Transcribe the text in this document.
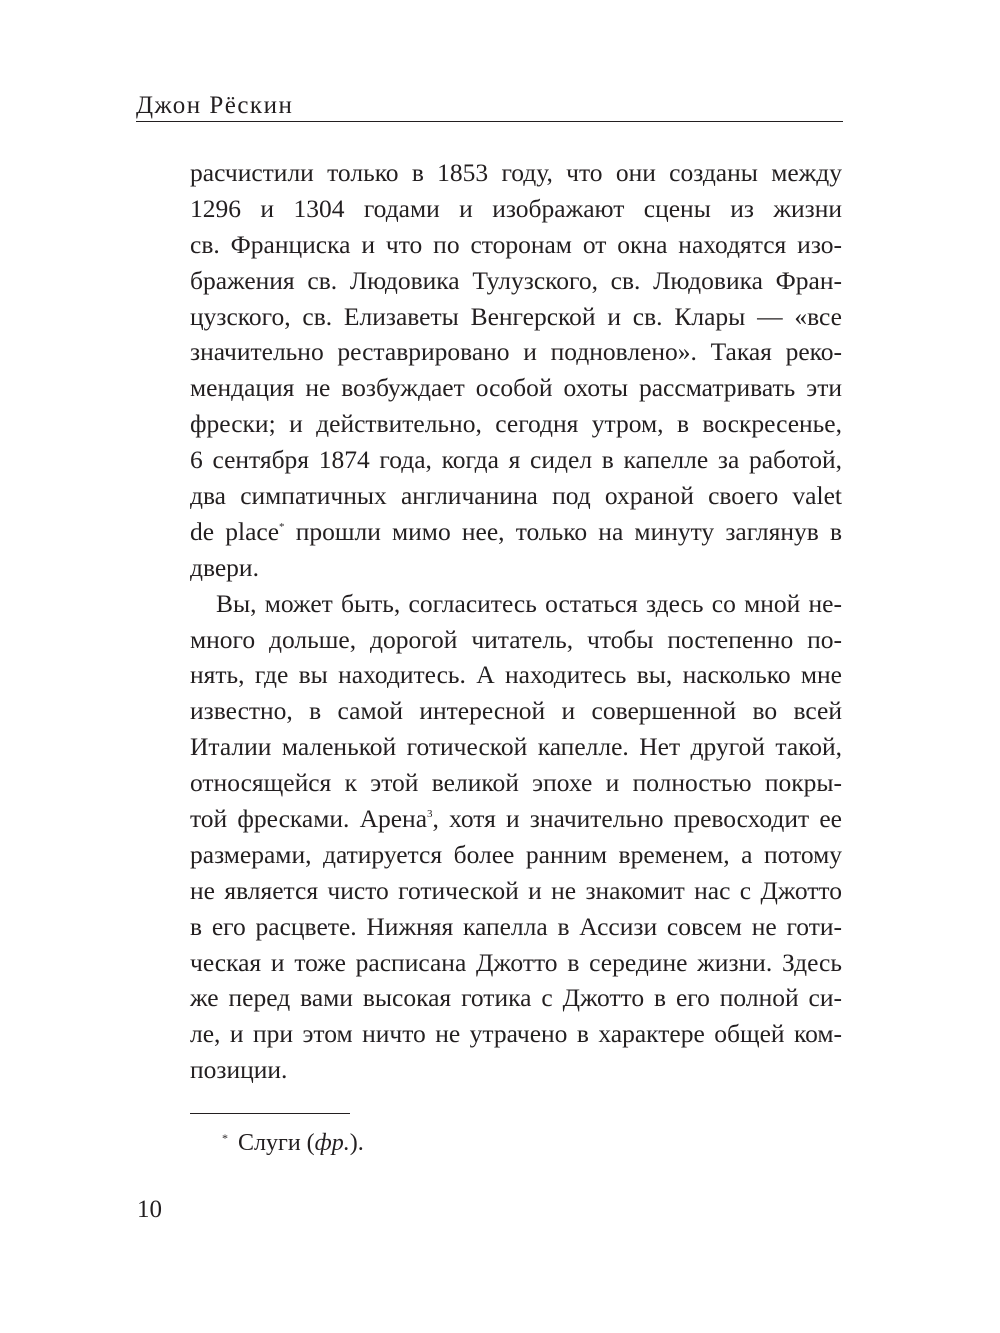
Джон Рёскин
расчистили только в 1853 году, что они созданы между
1296 и 1304 годами и изображают сцены из жизни
св. Франциска и что по сторонам от окна находятся изо-
бражения св. Людовика Тулузского, св. Людовика Фран-
цузского, св. Елизаветы Венгерской и св. Клары — «все
значительно реставрировано и подновлено». Такая реко-
мендация не возбуждает особой охоты рассматривать эти
фрески; и действительно, сегодня утром, в воскресенье,
6 сентября 1874 года, когда я сидел в капелле за работой,
два симпатичных англичанина под охраной своего valet
de place* прошли мимо нее, только на минуту заглянув в
двери.
Вы, может быть, согласитесь остаться здесь со мной не-
много дольше, дорогой читатель, чтобы постепенно по-
нять, где вы находитесь. А находитесь вы, насколько мне
известно, в самой интересной и совершенной во всей
Италии маленькой готической капелле. Нет другой такой,
относящейся к этой великой эпохе и полностью покры-
той фресками. Арена$^3$, хотя и значительно превосходит ее
размерами, датируется более ранним временем, а потому
не является чисто готической и не знакомит нас с Джотто
в его расцвете. Нижняя капелла в Ассизи совсем не готи-
ческая и тоже расписана Джотто в середине жизни. Здесь
же перед вами высокая готика с Джотто в его полной си-
ле, и при этом ничто не утрачено в характере общей ком-
позиции.
* Слуги (фр.).
10
